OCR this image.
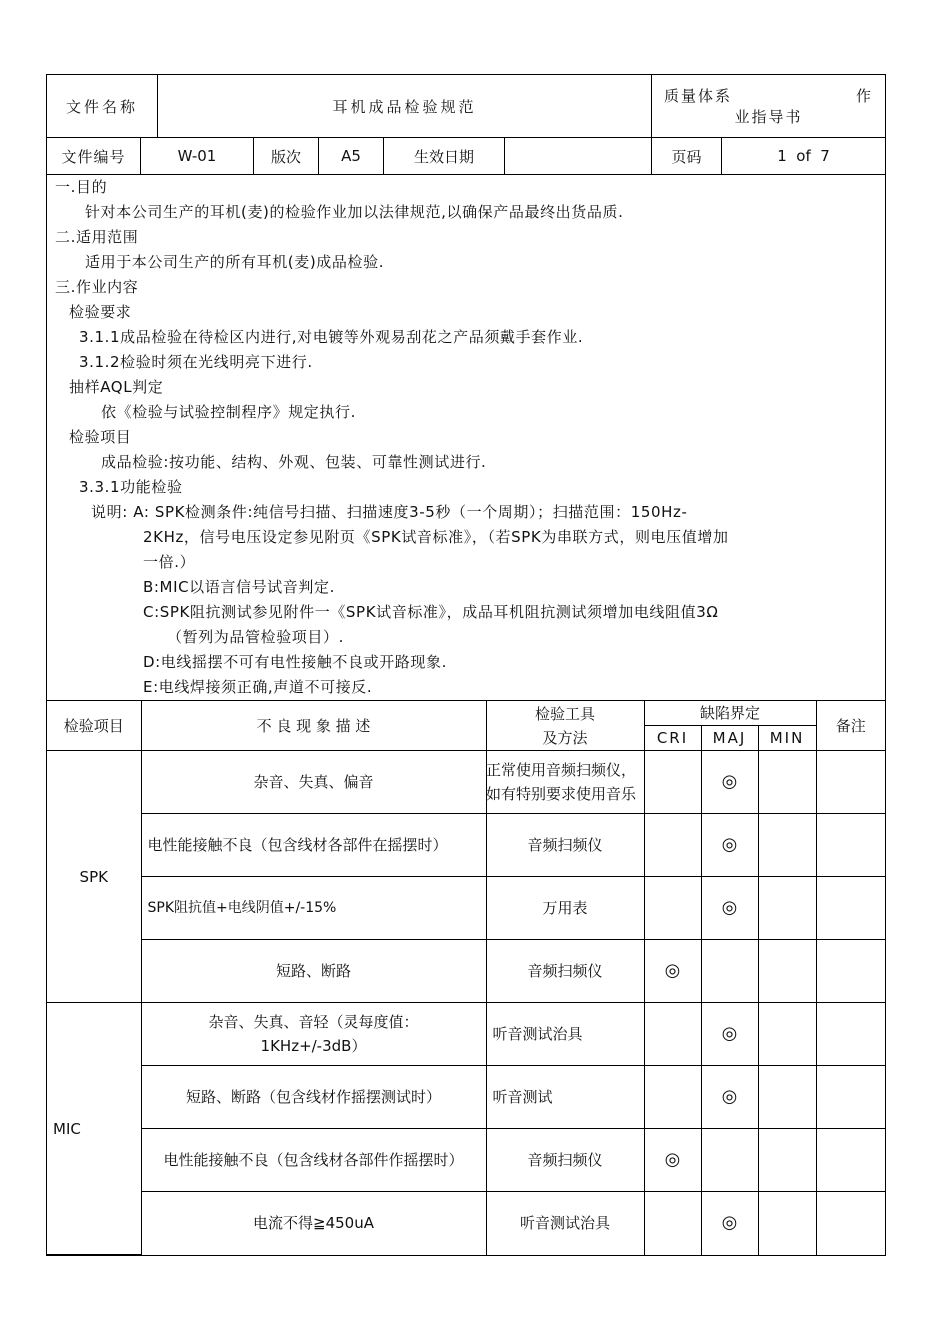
文件名称	耳机成品检验规范
质量体系	作
业指导书
文件编号	W-01	版次	A5	生效日期	页码	1  of  7

一.目的

针对本公司生产的耳机(麦)的检验作业加以法律规范,以确保产品最终出货品质.

二.适用范围

适用于本公司生产的所有耳机(麦)成品检验.

三.作业内容

检验要求

3.1.1成品检验在待检区内进行,对电镀等外观易刮花之产品须戴手套作业.

3.1.2检验时须在光线明亮下进行.

抽样AQL判定

依《检验与试验控制程序》规定执行.

检验项目

成品检验:按功能、结构、外观、包装、可靠性测试进行.

3.3.1功能检验

说明: A: SPK检测条件:纯信号扫描、扫描速度3-5秒（一个周期）；扫描范围：150Hz-

2KHz，信号电压设定参见附页《SPK试音标准》，（若SPK为串联方式，则电压值增加

一倍.）

B:MIC以语言信号试音判定.

C:SPK阻抗测试参见附件一《SPK试音标准》，成品耳机阻抗测试须增加电线阻值3Ω

（暂列为品管检验项目）.

D:电线摇摆不可有电性接触不良或开路现象.

E:电线焊接须正确,声道不可接反.

检验项目	不 良 现 象 描 述	检验工具
及方法	缺陷界定			备注
			CRI	MAJ	MIN	
SPK	杂音、失真、偏音	正常使用音频扫频仪，
如有特别要求使用音乐		◎		
	电性能接触不良（包含线材各部件在摇摆时）	音频扫频仪		◎		
	SPK阻抗值+电线阴值+/-15%	万用表		◎		
	短路、断路	音频扫频仪	◎			
MIC	杂音、失真、音轻（灵每度值：1KHz+/-3dB）	听音测试治具		◎		
	短路、断路（包含线材作摇摆测试时）	听音测试		◎		
	电性能接触不良（包含线材各部件作摇摆时）	音频扫频仪	◎			
	电流不得≧450uA	听音测试治具		◎		
